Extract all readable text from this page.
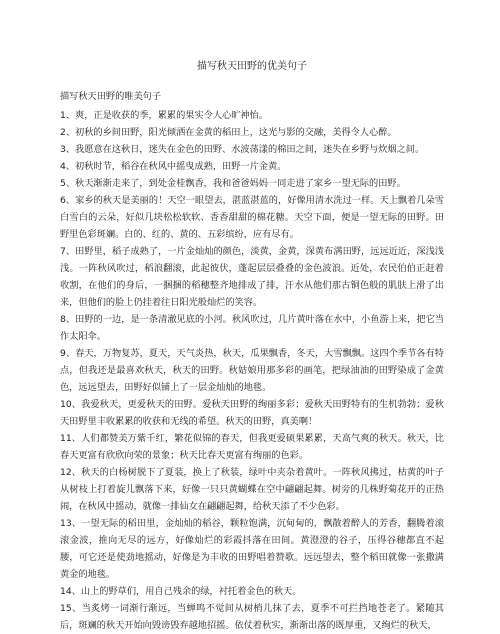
描写秋天田野的优美句子

描写秋天田野的唯美句子

1、爽，正是收获的季，累累的果实令人心旷神怡。

2、初秋的乡间田野，阳光倾洒在金黄的稻田上，这光与影的交融，美得令人心醉。

3、我愿意在这秋日，迷失在金色的田野、水波荡漾的棉田之间，迷失在乡野与炊烟之间。

4、初秋时节，稻谷在秋风中摇曳成熟，田野一片金黄。

5、秋天渐渐走来了，到处金桂飘香，我和爸爸妈妈一同走进了家乡一望无际的田野。

6、家乡的秋天是美丽的！天空一眼望去，湛蓝湛蓝的，好像用清水洗过一样。天上飘着几朵雪白雪白的云朵，好似几块松松软软、香香甜甜的棉花糖。天空下面，便是一望无际的田野。田野里色彩斑斓。白的、红的、黄的、五彩缤纷，应有尽有。

7、田野里，稻子成熟了，一片金灿灿的颜色，淡黄，金黄，深黄布满田野，远远近近，深浅浅浅。一阵秋风吹过，稻浪翻滚，此起彼伏，蓬起层层叠叠的金色波浪。近处，农民伯伯正赶着收割，在他们的身后，一捆捆的稻穗整齐地排成了排，汗水从他们那古铜色般的肌肤上滑了出来，但他们的脸上仍挂着往日阳光般灿烂的笑容。

8、田野的一边，是一条清澈见底的小河。秋风吹过，几片黄叶落在水中，小鱼游上来，把它当作太阳伞。

9、春天，万物复苏，夏天，天气炎热，秋天，瓜果飘香，冬天，大雪飘飘。这四个季节各有特点，但我还是最喜欢秋天，秋天的田野。秋姑娘用那多彩的画笔，把绿油油的田野染成了金黄色，远远望去，田野好似铺上了一层金灿灿的地毯。

10、我爱秋天，更爱秋天的田野。爱秋天田野的绚丽多彩；爱秋天田野特有的生机勃勃；爱秋天田野里丰收累累的收获和无线的希望。秋天的田野，真美啊！

11、人们都赞美万紫千红，繁花似锦的春天，但我更爱硕果累累，天高气爽的秋天。秋天，比春天更富有欣欣向荣的景象；秋天比春天更富有绚丽的色彩。

12、秋天的白杨树脱下了夏装，换上了秋装，绿叶中夹杂着黄叶。一阵秋风拂过，枯黄的叶子从树枝上打着旋儿飘落下来，好像一只只黄蝴蝶在空中翩翩起舞。树旁的几株野菊花开的正热闹，在秋风中摇动，就像一排仙女在翩翩起舞，给秋天添了不少色彩。

13、一望无际的稻田里，金灿灿的稻谷，颗粒饱满，沉甸甸的，飘散着醉人的芳香，翻腾着滚滚金波，推向无尽的远方，好像灿烂的彩霞抖落在田间。黄澄澄的谷子，压得谷穗都直不起腰，可它还是使劲地摇动，好像是为丰收的田野唱着赞歌。远远望去，整个稻田就像一张撒满黄金的地毯。

14、山上的野草们，用自己残余的绿，衬托着金色的秋天。

15、当炙烤一词渐行渐远，当蝉鸣不觉间从树梢儿抹了去，夏季不可拦挡地苍老了。紧随其后，斑斓的秋天开始向毁谤毁弃越地招摇。依仗着秋实，渐渐出落的既厚重，又绚烂的秋天，
